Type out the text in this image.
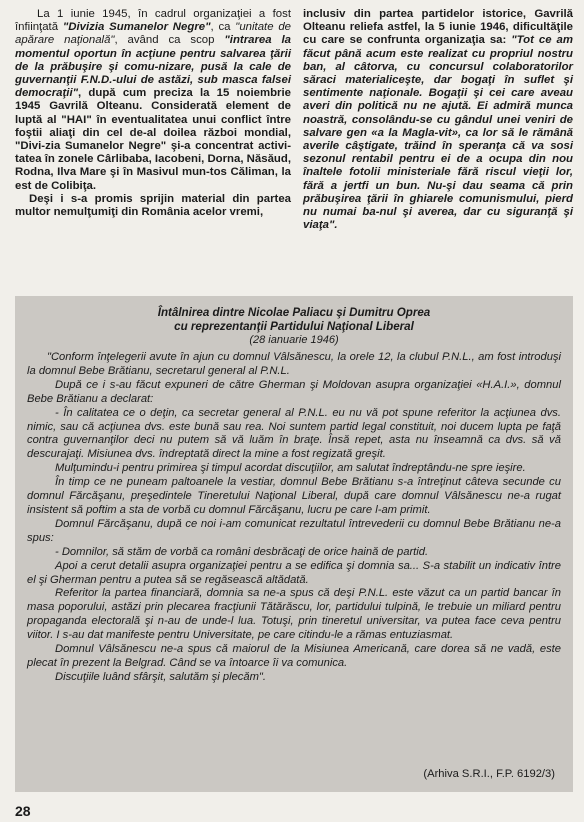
La 1 iunie 1945, în cadrul organizaţiei a fost înfiinţată "Divizia Sumanelor Negre", ca "unitate de apărare naţională", având ca scop "intrarea la momentul oportun în acţiune pentru salvarea ţării de la prăbuşire şi comu-nizare, pusă la cale de guvernanţii F.N.D.-ului de astăzi, sub masca falsei democraţii", după cum preciza la 15 noiembrie 1945 Gavrilă Olteanu. Considerată element de luptă al "HAI" în eventualitatea unui conflict între foştii aliaţi din cel de-al doilea război mondial, "Divi-zia Sumanelor Negre" şi-a concentrat activi-tatea în zonele Cârlibaba, Iacobeni, Dorna, Năsăud, Rodna, Ilva Mare şi în Masivul mun-tos Căliman, la est de Colibiţa.

Deşi i s-a promis sprijin material din partea multor nemulţumiţi din România acelor vremi,

inclusiv din partea partidelor istorice, Gavrilă Olteanu reliefa astfel, la 5 iunie 1946, dificultăţile cu care se confrunta organizaţia sa: "Tot ce am făcut până acum este realizat cu propriul nostru ban, al câtorva, cu concursul colaboratorilor săraci materialiceşte, dar bogaţi în suflet şi sentimente naţionale. Bogaţii şi cei care aveau averi din politică nu ne ajută. Ei admiră munca noastră, consolându-se cu gândul unei veniri de salvare gen «a la Magla-vit», ca lor să le rămână averile câştigate, trăind în speranţa că va sosi sezonul rentabil pentru ei de a ocupa din nou înaltele fotolii ministeriale fără riscul vieţii lor, fără a jertfi un bun. Nu-şi dau seama că prin prăbuşirea ţării în ghiarele comunismului, pierd nu numai ba-nul şi averea, dar cu siguranţă şi viaţa".

Întâlnirea dintre Nicolae Paliacu şi Dumitru Oprea
cu reprezentanţii Partidului Naţional Liberal
(28 ianuarie 1946)

"Conform înţelegerii avute în ajun cu domnul Vâlsănescu, la orele 12, la clubul P.N.L., am fost introduşi la domnul Bebe Brătianu, secretarul general al P.N.L.

După ce i s-au făcut expuneri de către Gherman şi Moldovan asupra organizaţiei «H.A.I.», domnul Bebe Brătianu a declarat:

- În calitatea ce o deţin, ca secretar general al P.N.L. eu nu vă pot spune referitor la acţiunea dvs. nimic, sau că acţiunea dvs. este bună sau rea. Noi suntem partid legal constituit, noi ducem lupta pe faţă contra guvernanţilor deci nu putem să vă luăm în braţe. Însă repet, asta nu înseamnă ca dvs. să vă descurajaţi. Misiunea dvs. îndreptată direct la mine a fost regizată greşit.

Mulţumindu-i pentru primirea şi timpul acordat discuţiilor, am salutat îndreptându-ne spre ieşire.

În timp ce ne puneam paltoanele la vestiar, domnul Bebe Brătianu s-a întreţinut câteva secunde cu domnul Fărcăşanu, preşedintele Tineretului Naţional Liberal, după care domnul Vâlsănescu ne-a rugat insistent să poftim a sta de vorbă cu domnul Fărcăşanu, lucru pe care l-am primit.

Domnul Fărcăşanu, după ce noi i-am comunicat rezultatul întrevederii cu domnul Bebe Brătianu ne-a spus:

- Domnilor, să stăm de vorbă ca români desbrăcaţi de orice haină de partid.

Apoi a cerut detalii asupra organizaţiei pentru a se edifica şi domnia sa... S-a stabilit un indicativ între el şi Gherman pentru a putea să se regăsească altădată.

Referitor la partea financiară, domnia sa ne-a spus că deşi P.N.L. este văzut ca un partid bancar în masa poporului, astăzi prin plecarea fracţiunii Tătărăscu, lor, partidului tulpină, le trebuie un miliard pentru propaganda electorală şi n-au de unde-l lua. Totuşi, prin tineretul universitar, va putea face ceva pentru viitor. I s-au dat manifeste pentru Universitate, pe care citindu-le a rămas entuziasmat.

Domnul Vâlsănescu ne-a spus că maiorul de la Misiunea Americană, care dorea să ne vadă, este plecat în prezent la Belgrad. Când se va întoarce îi va comunica.

Discuţiile luând sfârşit, salutăm şi plecăm".

(Arhiva S.R.I., F.P. 6192/3)
28
